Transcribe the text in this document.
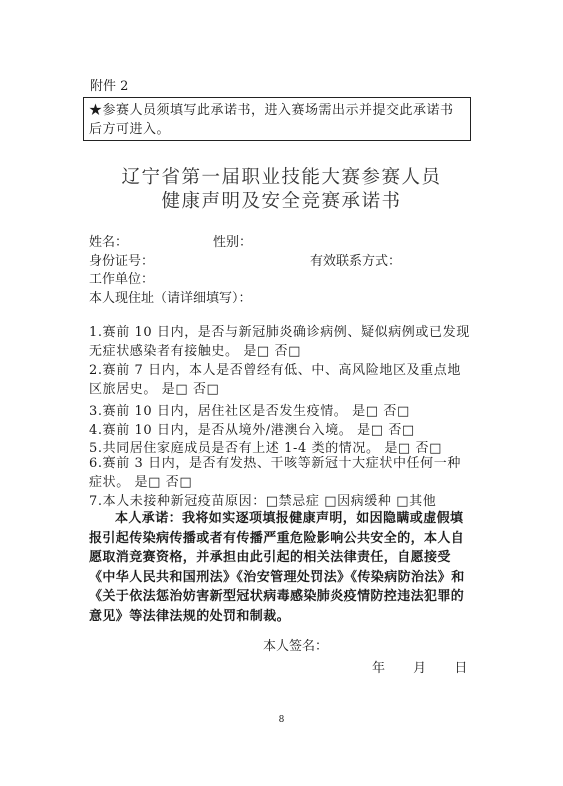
附件 2
★参赛人员须填写此承诺书，进入赛场需出示并提交此承诺书后方可进入。
辽宁省第一届职业技能大赛参赛人员
健康声明及安全竞赛承诺书
姓名：	性别：
身份证号：	有效联系方式：
工作单位：
本人现住址（请详细填写）：
1.赛前 10 日内，是否与新冠肺炎确诊病例、疑似病例或已发现无症状感染者有接触史。 是□ 否□
2.赛前 7 日内，本人是否曾经有低、中、高风险地区及重点地区旅居史。 是□ 否□
3.赛前 10 日内，居住社区是否发生疫情。 是□ 否□
4.赛前 10 日内，是否从境外/港澳台入境。 是□ 否□
5.共同居住家庭成员是否有上述 1-4 类的情况。 是□ 否□
6.赛前 3 日内，是否有发热、干咳等新冠十大症状中任何一种症状。 是□ 否□
7.本人未接种新冠疫苗原因：□禁忌症 □因病缓种 □其他
本人承诺：我将如实逐项填报健康声明，如因隐瞒或虚假填报引起传染病传播或者有传播严重危险影响公共安全的，本人自愿取消竞赛资格，并承担由此引起的相关法律责任，自愿接受《中华人民共和国刑法》《治安管理处罚法》《传染病防治法》和《关于依法惩治妨害新型冠状病毒感染肺炎疫情防控违法犯罪的意见》等法律法规的处罚和制裁。
本人签名：
年 月 日
8
